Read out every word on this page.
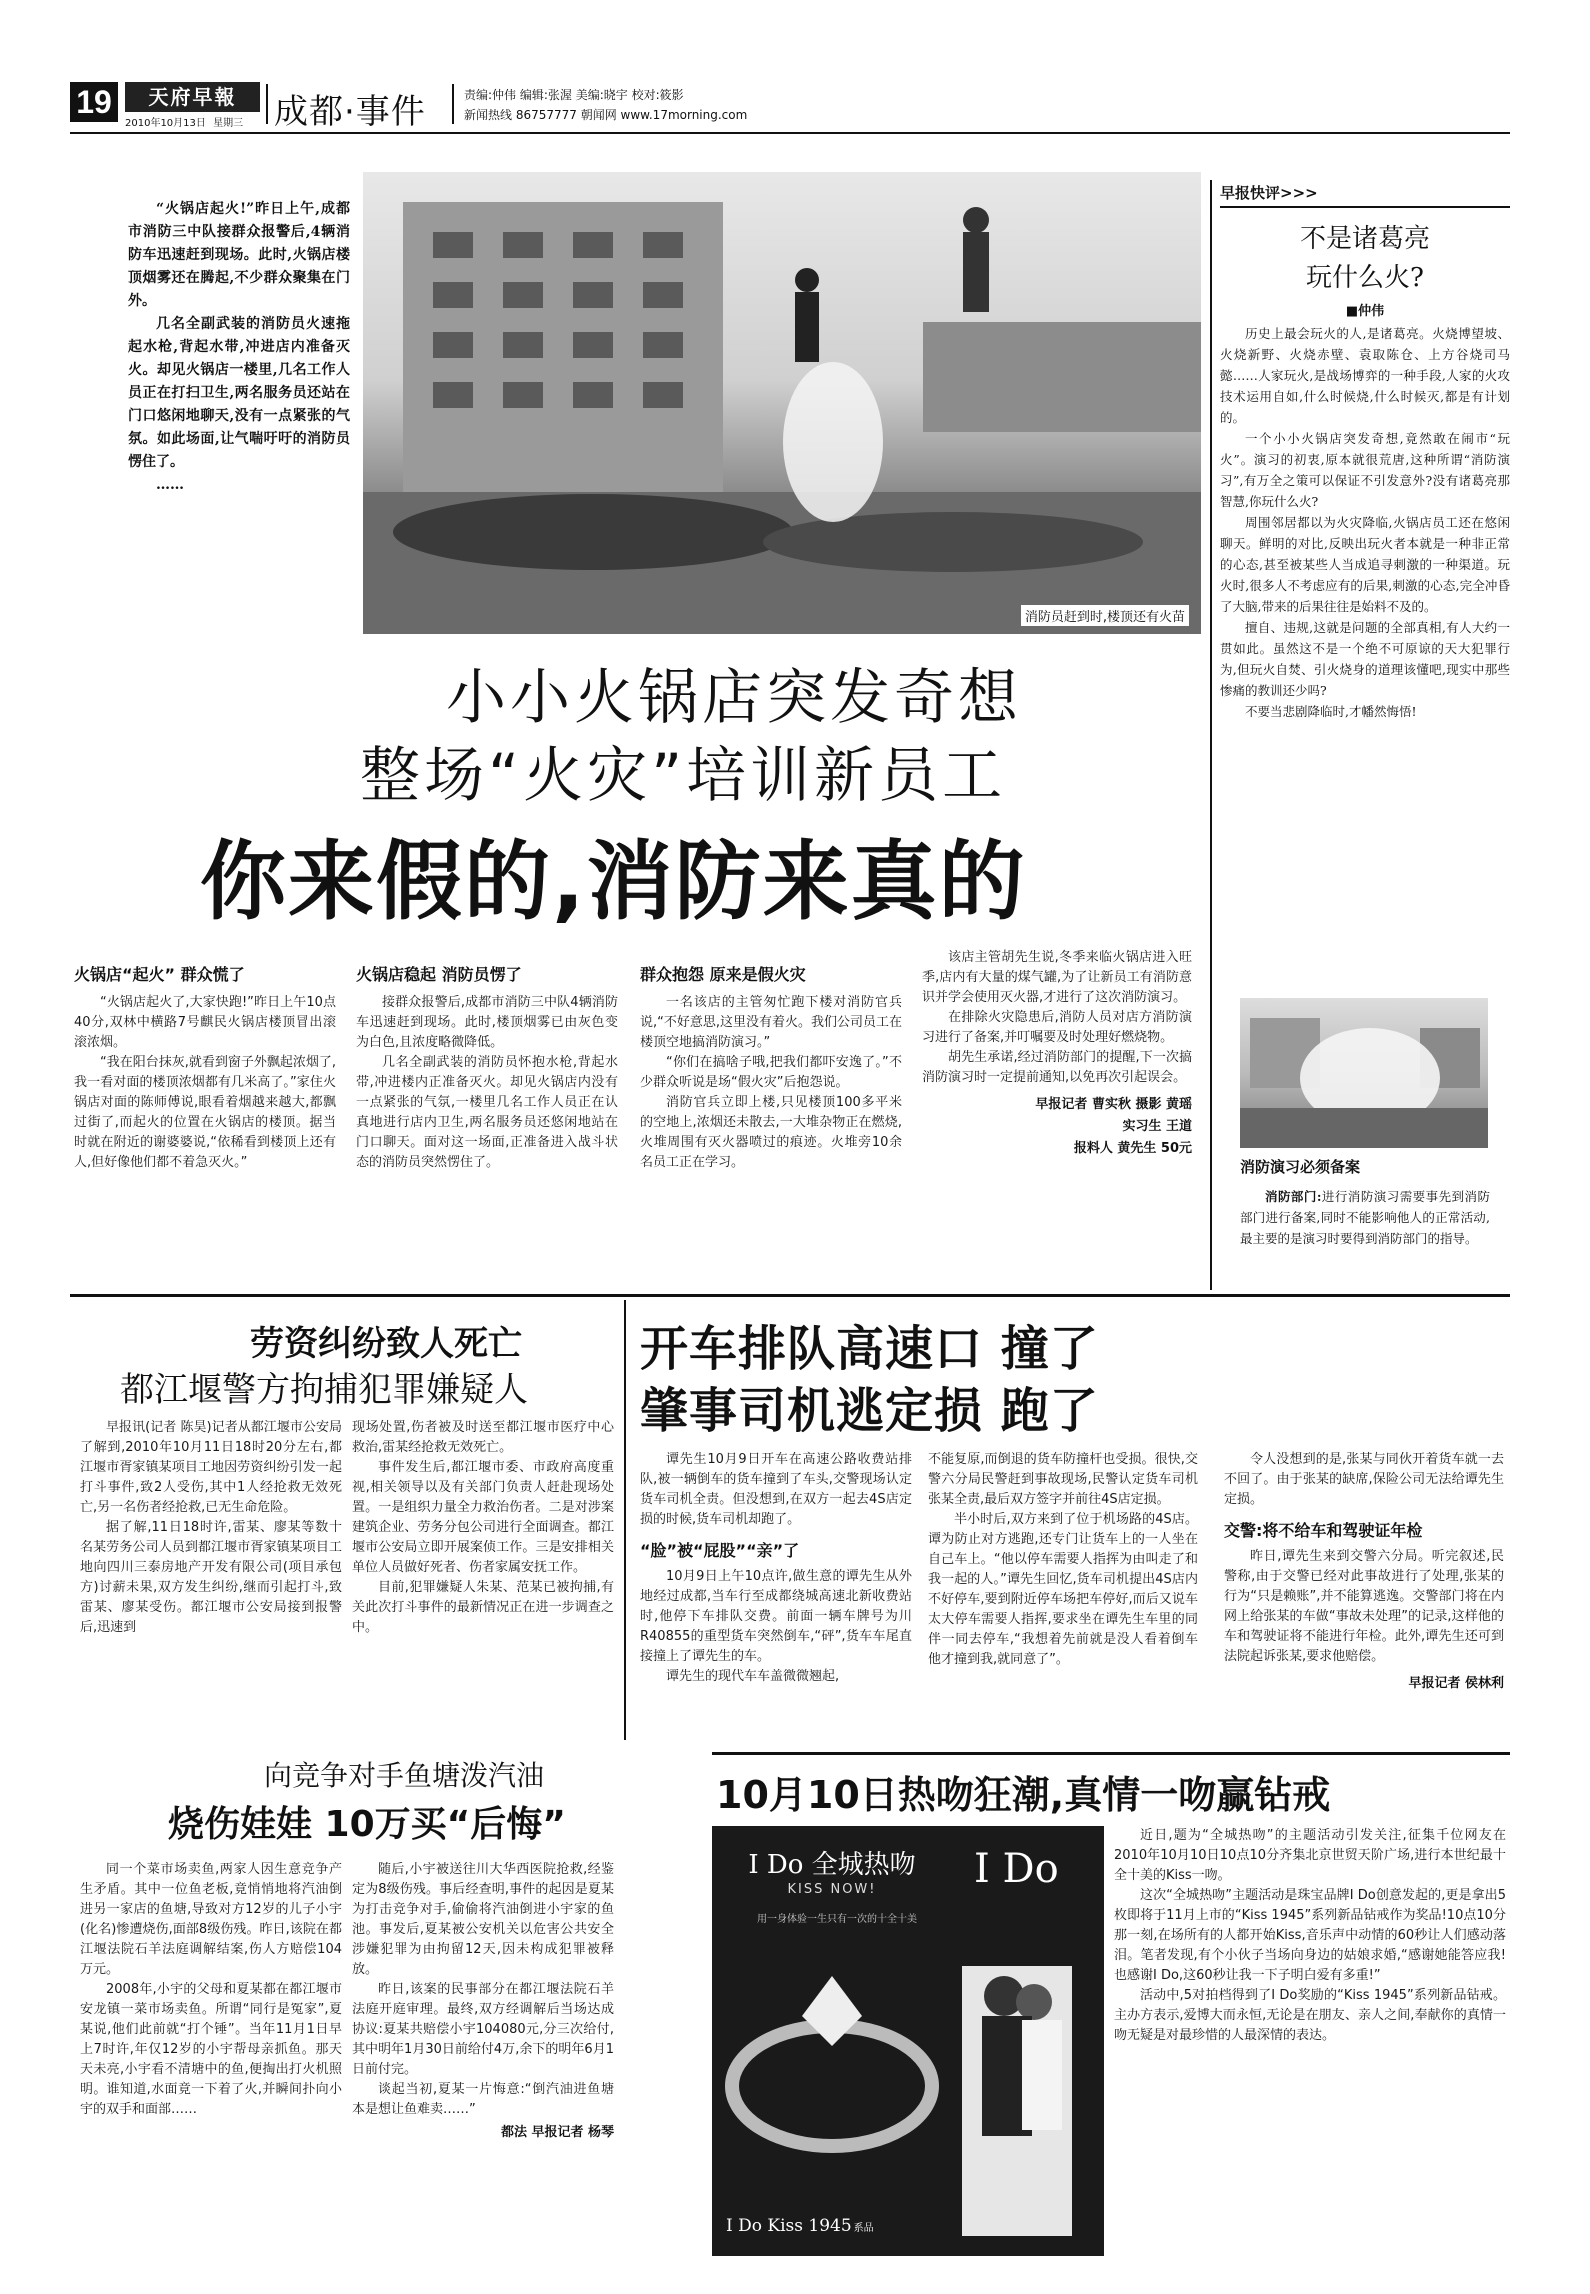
19	天府早報
2010年10月13日 星期三 成都·事件	责编:仲伟 编辑:张渥 美编:晓宇 校对:筱影
新闻热线 86757777 朝闻网 www.17morning.com

“火锅店起火!”昨日上午,成都市消防三中队接群众报警后,4辆消防车迅速赶到现场。此时,火锅店楼顶烟雾还在腾起,不少群众聚集在门外。

几名全副武装的消防员火速拖起水枪,背起水带,冲进店内准备灭火。却见火锅店一楼里,几名工作人员正在打扫卫生,两名服务员还站在门口悠闲地聊天,没有一点紧张的气氛。如此场面,让气喘吁吁的消防员愣住了。

……

消防员赶到时,楼顶还有火苗
小小火锅店突发奇想
整场“火灾”培训新员工
你来假的,消防来真的
火锅店“起火” 群众慌了

“火锅店起火了,大家快跑!”昨日上午10点40分,双林中横路7号麒民火锅店楼顶冒出滚滚浓烟。

“我在阳台抹灰,就看到窗子外飘起浓烟了,我一看对面的楼顶浓烟都有几米高了。”家住火锅店对面的陈师傅说,眼看着烟越来越大,都飘过街了,而起火的位置在火锅店的楼顶。据当时就在附近的谢婆婆说,“依稀看到楼顶上还有人,但好像他们都不着急灭火。”

火锅店稳起 消防员愣了

接群众报警后,成都市消防三中队4辆消防车迅速赶到现场。此时,楼顶烟雾已由灰色变为白色,且浓度略微降低。

几名全副武装的消防员怀抱水枪,背起水带,冲进楼内正准备灭火。却见火锅店内没有一点紧张的气氛,一楼里几名工作人员正在认真地进行店内卫生,两名服务员还悠闲地站在门口聊天。面对这一场面,正准备进入战斗状态的消防员突然愣住了。

群众抱怨 原来是假火灾

一名该店的主管匆忙跑下楼对消防官兵说,“不好意思,这里没有着火。我们公司员工在楼顶空地搞消防演习。”

“你们在搞啥子哦,把我们都吓安逸了。”不少群众听说是场“假火灾”后抱怨说。

消防官兵立即上楼,只见楼顶100多平米的空地上,浓烟还未散去,一大堆杂物正在燃烧,火堆周围有灭火器喷过的痕迹。火堆旁10余名员工正在学习。

该店主管胡先生说,冬季来临火锅店进入旺季,店内有大量的煤气罐,为了让新员工有消防意识并学会使用灭火器,才进行了这次消防演习。

在排除火灾隐患后,消防人员对店方消防演习进行了备案,并叮嘱要及时处理好燃烧物。

胡先生承诺,经过消防部门的提醒,下一次搞消防演习时一定提前通知,以免再次引起误会。

早报记者 曹实秋 摄影 黄瑶
实习生 王道
报料人 黄先生 50元
早报快评>>>
不是诸葛亮
玩什么火?
■仲伟

历史上最会玩火的人,是诸葛亮。火烧博望坡、火烧新野、火烧赤壁、袁取陈仓、上方谷烧司马懿……人家玩火,是战场博弈的一种手段,人家的火攻技术运用自如,什么时候烧,什么时候灭,都是有计划的。

一个小小火锅店突发奇想,竟然敢在闹市“玩火”。演习的初衷,原本就很荒唐,这种所谓“消防演习”,有万全之策可以保证不引发意外?没有诸葛亮那智慧,你玩什么火?

周围邻居都以为火灾降临,火锅店员工还在悠闲聊天。鲜明的对比,反映出玩火者本就是一种非正常的心态,甚至被某些人当成追寻刺激的一种渠道。玩火时,很多人不考虑应有的后果,刺激的心态,完全冲昏了大脑,带来的后果往往是始料不及的。

擅自、违规,这就是问题的全部真相,有人大约一贯如此。虽然这不是一个绝不可原谅的天大犯罪行为,但玩火自焚、引火烧身的道理该懂吧,现实中那些惨痛的教训还少吗?

不要当悲剧降临时,才幡然悔悟!

消防演习必须备案
消防部门:进行消防演习需要事先到消防部门进行备案,同时不能影响他人的正常活动,最主要的是演习时要得到消防部门的指导。
劳资纠纷致人死亡
都江堰警方拘捕犯罪嫌疑人

早报讯(记者 陈昊)记者从都江堰市公安局了解到,2010年10月11日18时20分左右,都江堰市胥家镇某项目工地因劳资纠纷引发一起打斗事件,致2人受伤,其中1人经抢救无效死亡,另一名伤者经抢救,已无生命危险。

据了解,11日18时许,雷某、廖某等数十名某劳务公司人员到都江堰市胥家镇某项目工地向四川三泰房地产开发有限公司(项目承包方)讨薪未果,双方发生纠纷,继而引起打斗,致雷某、廖某受伤。都江堰市公安局接到报警后,迅速到

现场处置,伤者被及时送至都江堰市医疗中心救治,雷某经抢救无效死亡。

事件发生后,都江堰市委、市政府高度重视,相关领导以及有关部门负责人赶赴现场处置。一是组织力量全力救治伤者。二是对涉案建筑企业、劳务分包公司进行全面调查。都江堰市公安局立即开展案侦工作。三是安排相关单位人员做好死者、伤者家属安抚工作。

目前,犯罪嫌疑人朱某、范某已被拘捕,有关此次打斗事件的最新情况正在进一步调查之中。

开车排队高速口 撞了
肇事司机逃定损 跑了

谭先生10月9日开车在高速公路收费站排队,被一辆倒车的货车撞到了车头,交警现场认定货车司机全责。但没想到,在双方一起去4S店定损的时候,货车司机却跑了。

“脸”被“屁股”“亲”了

10月9日上午10点许,做生意的谭先生从外地经过成都,当车行至成都绕城高速北新收费站时,他停下车排队交费。前面一辆车牌号为川R40855的重型货车突然倒车,“砰”,货车车尾直接撞上了谭先生的车。

谭先生的现代车车盖微微翘起,

不能复原,而倒退的货车防撞杆也受损。很快,交警六分局民警赶到事故现场,民警认定货车司机张某全责,最后双方签字并前往4S店定损。

半小时后,双方来到了位于机场路的4S店。谭为防止对方逃跑,还专门让货车上的一人坐在自己车上。“他以停车需要人指挥为由叫走了和我一起的人。”谭先生回忆,货车司机提出4S店内不好停车,要到附近停车场把车停好,而后又说车太大停车需要人指挥,要求坐在谭先生车里的同伴一同去停车,“我想着先前就是没人看着倒车他才撞到我,就同意了”。

令人没想到的是,张某与同伙开着货车就一去不回了。由于张某的缺席,保险公司无法给谭先生定损。

交警:将不给车和驾驶证年检

昨日,谭先生来到交警六分局。听完叙述,民警称,由于交警已经对此事故进行了处理,张某的行为“只是赖账”,并不能算逃逸。交警部门将在内网上给张某的车做“事故未处理”的记录,这样他的车和驾驶证将不能进行年检。此外,谭先生还可到法院起诉张某,要求他赔偿。

早报记者 侯林利
向竞争对手鱼塘泼汽油
烧伤娃娃 10万买“后悔”

同一个菜市场卖鱼,两家人因生意竞争产生矛盾。其中一位鱼老板,竟悄悄地将汽油倒进另一家店的鱼塘,导致对方12岁的儿子小宇(化名)惨遭烧伤,面部8级伤残。昨日,该院在都江堰法院石羊法庭调解结案,伤人方赔偿104万元。

2008年,小宇的父母和夏某都在都江堰市安龙镇一菜市场卖鱼。所谓“同行是冤家”,夏某说,他们此前就“打个锤”。当年11月1日早上7时许,年仅12岁的小宇帮母亲抓鱼。那天天未亮,小宇看不清塘中的鱼,便掏出打火机照明。谁知道,水面竟一下着了火,并瞬间扑向小宇的双手和面部……

随后,小宇被送往川大华西医院抢救,经鉴定为8级伤残。事后经查明,事件的起因是夏某为打击竞争对手,偷偷将汽油倒进小宇家的鱼池。事发后,夏某被公安机关以危害公共安全涉嫌犯罪为由拘留12天,因未构成犯罪被释放。

昨日,该案的民事部分在都江堰法院石羊法庭开庭审理。最终,双方经调解后当场达成协议:夏某共赔偿小宇104080元,分三次给付,其中明年1月30日前给付4万,余下的明年6月1日前付完。

谈起当初,夏某一片悔意:“倒汽油进鱼塘本是想让鱼难卖……”

都法 早报记者 杨琴
10月10日热吻狂潮,真情一吻赢钻戒
I Do 全城热吻
KISS NOW!
用一身体验一生只有一次的十全十美
I Do
I Do Kiss 1945 系品

近日,题为“全城热吻”的主题活动引发关注,征集千位网友在2010年10月10日10点10分齐集北京世贸天阶广场,进行本世纪最十全十美的Kiss一吻。

这次“全城热吻”主题活动是珠宝品牌I Do创意发起的,更是拿出5枚即将于11月上市的“Kiss 1945”系列新品钻戒作为奖品!10点10分那一刻,在场所有的人都开始Kiss,音乐声中动情的60秒让人们感动落泪。笔者发现,有个小伙子当场向身边的姑娘求婚,“感谢她能答应我!也感谢I Do,这60秒让我一下子明白爱有多重!”

活动中,5对拍档得到了I Do奖励的“Kiss 1945”系列新品钻戒。主办方表示,爱博大而永恒,无论是在朋友、亲人之间,奉献你的真情一吻无疑是对最珍惜的人最深情的表达。
